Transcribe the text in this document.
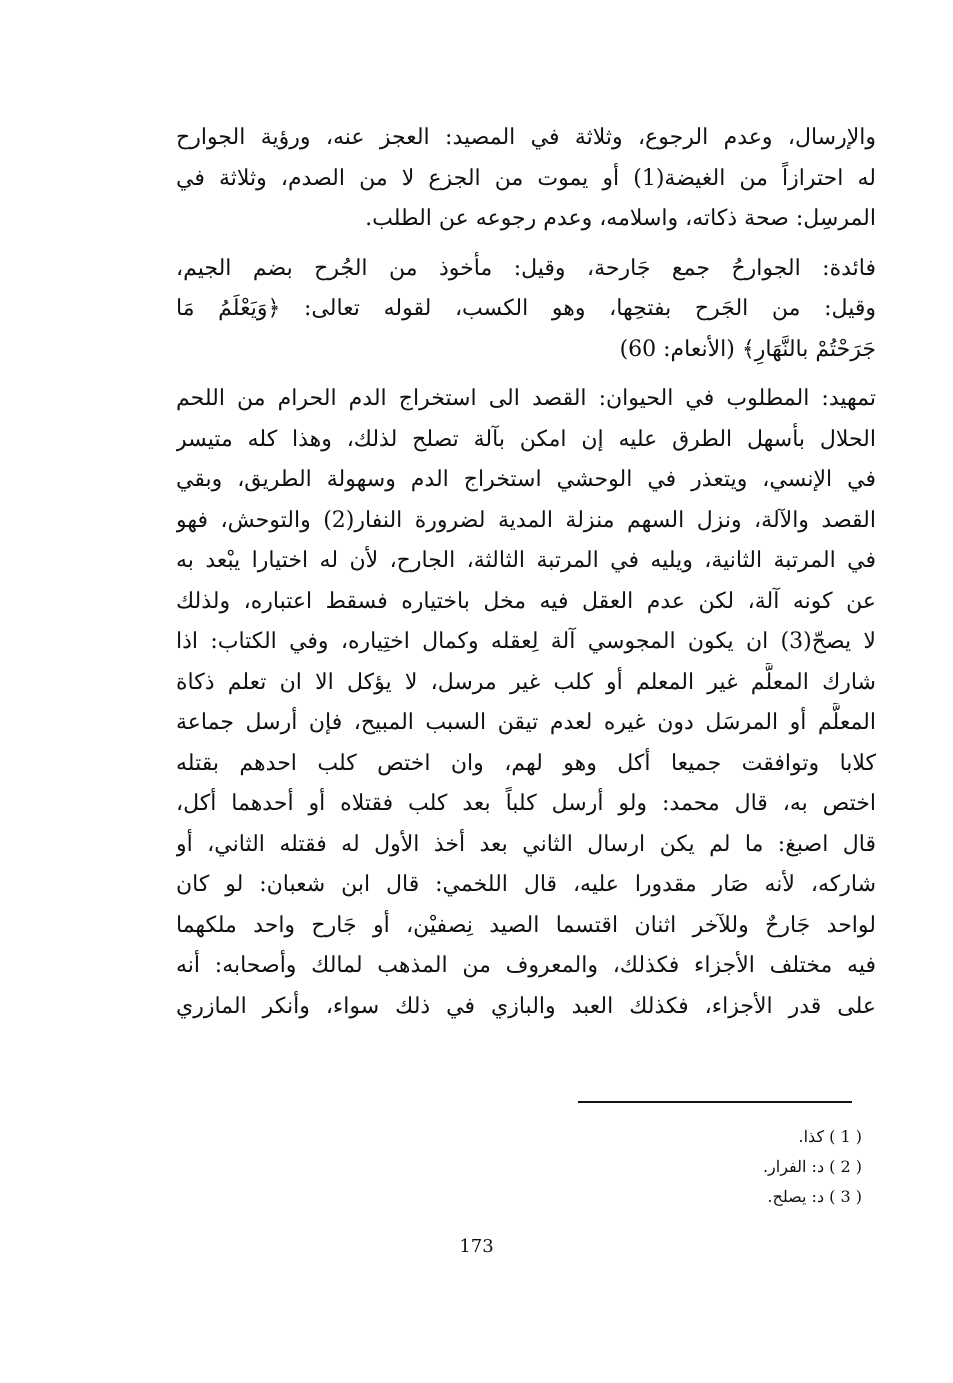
والإرسال، وعدم الرجوع، وثلاثة في المصيد: العجز عنه، ورؤية الجوارح
له احترازاً من الغيضة(1) أو يموت من الجزع لا من الصدم، وثلاثة في
المرسِل: صحة ذكاته، واسلامه، وعدم رجوعه عن الطلب.
فائدة: الجوارحُ جمع جَارحة، وقيل: مأخوذ من الجُرح بضم الجيم،
وقيل: من الجَرح بفتحِها، وهو الكسب، لقوله تعالى: ﴿وَيَعْلَمُ مَا
جَرَحْتُمْ بالنَّهَارِ﴾ (الأنعام: 60)
تمهيد: المطلوب في الحيوان: القصد الى استخراج الدم الحرام من اللحم
الحلال بأسهل الطرق عليه إن امكن بآلة تصلح لذلك، وهذا كله متيسر
في الإنسي، ويتعذر في الوحشي استخراج الدم وسهولة الطريق، وبقي
القصد والآلة، ونزل السهم منزلة المدية لضرورة النفار(2) والتوحش، فهو
في المرتبة الثانية، ويليه في المرتبة الثالثة، الجارح، لأن له اختيارا يبْعد به
عن كونه آلة، لكن عدم العقل فيه مخل باختياره فسقط اعتباره، ولذلك
لا يصحّ(3) ان يكون المجوسي آلة لِعقله وكمال اختِياره، وفي الكتاب: اذا
شارك المعلَّم غير المعلم أو كلب غير مرسل، لا يؤكل الا ان تعلم ذكاة
المعلَّم أو المرسَل دون غيره لعدم تيقن السبب المبيح، فإن أرسل جماعة
كلابا وتوافقت جميعا أكل وهو لهم، وان اختص كلب احدهم بقتله
اختص به، قال محمد: ولو أرسل كلباً بعد كلب فقتلاه أو أحدهما أكل،
قال اصبغ: ما لم يكن ارسال الثاني بعد أخذ الأول له فقتله الثاني، أو
شاركه، لأنه صَار مقدورا عليه، قال اللخمي: قال ابن شعبان: لو كان
لواحد جَارحٌ وللآخر اثنان اقتسما الصيد نِصفيْن، أو جَارح واحد ملكهما
فيه مختلف الأجزاء فكذلك، والمعروف من المذهب لمالك وأصحابه: أنه
على قدر الأجزاء، فكذلك العبد والبازي في ذلك سواء، وأنكر المازري
( 1 ) كذا.
( 2 ) د: الفرار.
( 3 ) د: يصلح.
173
